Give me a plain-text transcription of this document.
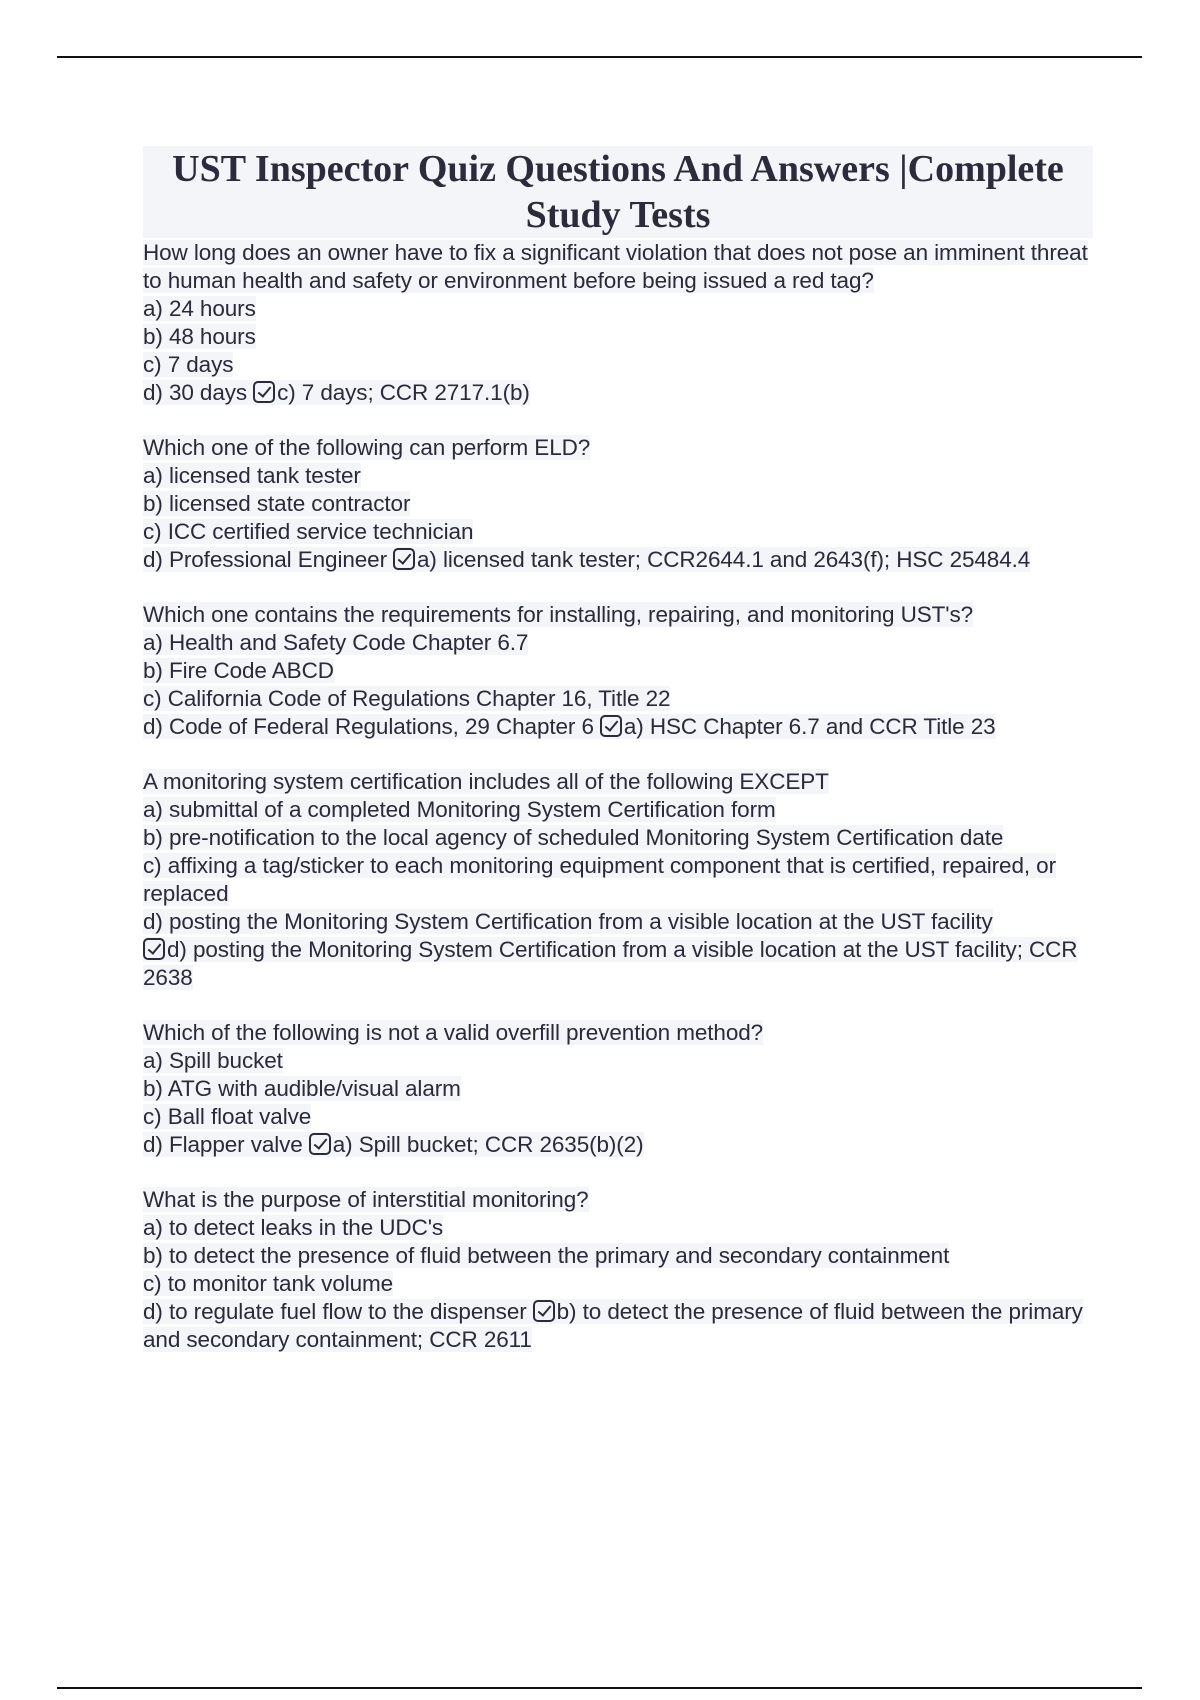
UST Inspector Quiz Questions And Answers |Complete
Study Tests
How long does an owner have to fix a significant violation that does not pose an imminent threat to human health and safety or environment before being issued a red tag?
a) 24 hours
b) 48 hours
c) 7 days
d) 30 days c) 7 days; CCR 2717.1(b)
Which one of the following can perform ELD?
a) licensed tank tester
b) licensed state contractor
c) ICC certified service technician
d) Professional Engineer a) licensed tank tester; CCR2644.1 and 2643(f); HSC 25484.4
Which one contains the requirements for installing, repairing, and monitoring UST's?
a) Health and Safety Code Chapter 6.7
b) Fire Code ABCD
c) California Code of Regulations Chapter 16, Title 22
d) Code of Federal Regulations, 29 Chapter 6 a) HSC Chapter 6.7 and CCR Title 23
A monitoring system certification includes all of the following EXCEPT
a) submittal of a completed Monitoring System Certification form
b) pre-notification to the local agency of scheduled Monitoring System Certification date
c) affixing a tag/sticker to each monitoring equipment component that is certified, repaired, or replaced
d) posting the Monitoring System Certification from a visible location at the UST facility
d) posting the Monitoring System Certification from a visible location at the UST facility; CCR 2638
Which of the following is not a valid overfill prevention method?
a) Spill bucket
b) ATG with audible/visual alarm
c) Ball float valve
d) Flapper valve a) Spill bucket; CCR 2635(b)(2)
What is the purpose of interstitial monitoring?
a) to detect leaks in the UDC's
b) to detect the presence of fluid between the primary and secondary containment
c) to monitor tank volume
d) to regulate fuel flow to the dispenser b) to detect the presence of fluid between the primary and secondary containment; CCR 2611
